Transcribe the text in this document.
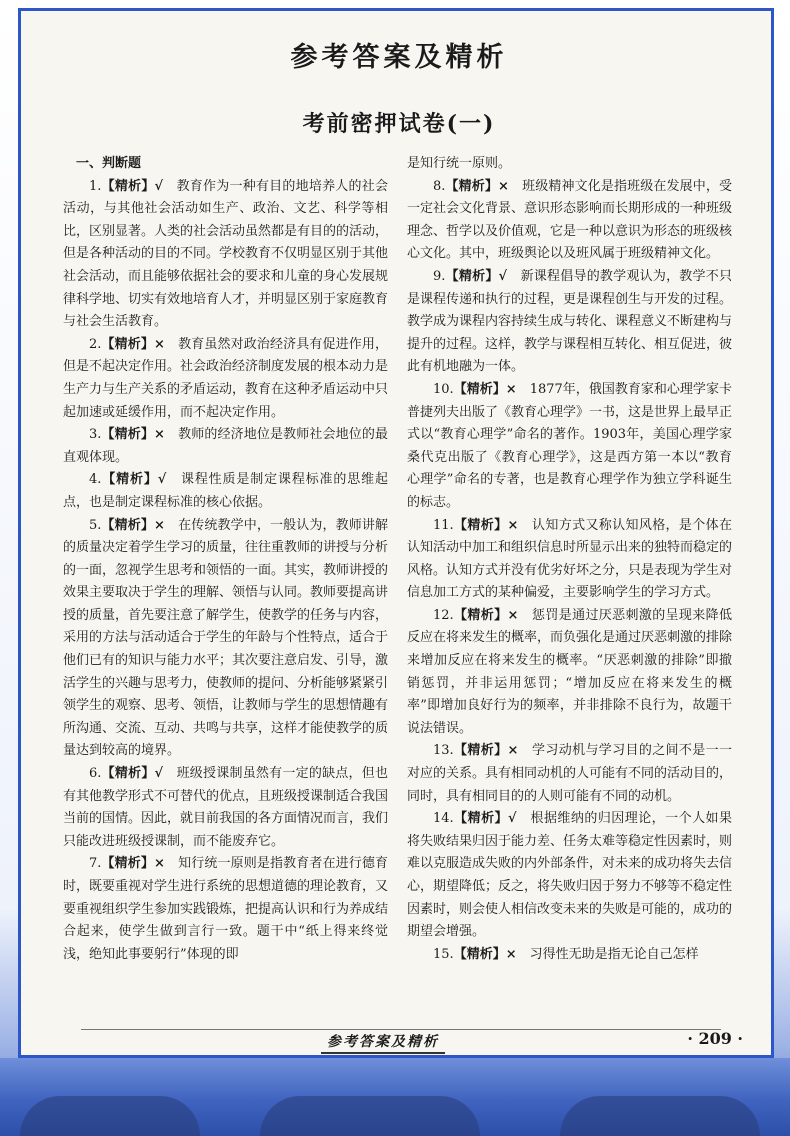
参考答案及精析
考前密押试卷(一)

一、判断题

1.【精析】√　 教育作为一种有目的地培养人的社会活动，与其他社会活动如生产、政治、文艺、科学等相比，区别显著。人类的社会活动虽然都是有目的的活动，但是各种活动的目的不同。学校教育不仅明显区别于其他社会活动，而且能够依据社会的要求和儿童的身心发展规律科学地、切实有效地培育人才，并明显区别于家庭教育与社会生活教育。

2.【精析】×　 教育虽然对政治经济具有促进作用，但是不起决定作用。社会政治经济制度发展的根本动力是生产力与生产关系的矛盾运动，教育在这种矛盾运动中只起加速或延缓作用，而不起决定作用。

3.【精析】×　 教师的经济地位是教师社会地位的最直观体现。

4.【精析】√　 课程性质是制定课程标准的思维起点，也是制定课程标准的核心依据。

5.【精析】×　 在传统教学中，一般认为，教师讲解的质量决定着学生学习的质量，往往重教师的讲授与分析的一面，忽视学生思考和领悟的一面。其实，教师讲授的效果主要取决于学生的理解、领悟与认同。教师要提高讲授的质量，首先要注意了解学生，使教学的任务与内容，采用的方法与活动适合于学生的年龄与个性特点，适合于他们已有的知识与能力水平；其次要注意启发、引导，激活学生的兴趣与思考力，使教师的提问、分析能够紧紧引领学生的观察、思考、领悟，让教师与学生的思想情趣有所沟通、交流、互动、共鸣与共享，这样才能使教学的质量达到较高的境界。

6.【精析】√　 班级授课制虽然有一定的缺点，但也有其他教学形式不可替代的优点，且班级授课制适合我国当前的国情。因此，就目前我国的各方面情况而言，我们只能改进班级授课制，而不能废弃它。

7.【精析】×　 知行统一原则是指教育者在进行德育时，既要重视对学生进行系统的思想道德的理论教育，又要重视组织学生参加实践锻炼，把提高认识和行为养成结合起来，使学生做到言行一致。题干中“纸上得来终觉浅，绝知此事要躬行”体现的即

是知行统一原则。

8.【精析】×　 班级精神文化是指班级在发展中，受一定社会文化背景、意识形态影响而长期形成的一种班级理念、哲学以及价值观，它是一种以意识为形态的班级核心文化。其中，班级舆论以及班风属于班级精神文化。

9.【精析】√　 新课程倡导的教学观认为，教学不只是课程传递和执行的过程，更是课程创生与开发的过程。教学成为课程内容持续生成与转化、课程意义不断建构与提升的过程。这样，教学与课程相互转化、相互促进，彼此有机地融为一体。

10.【精析】×　 1877年，俄国教育家和心理学家卡普捷列夫出版了《教育心理学》一书，这是世界上最早正式以“教育心理学”命名的著作。1903年，美国心理学家桑代克出版了《教育心理学》，这是西方第一本以“教育心理学”命名的专著，也是教育心理学作为独立学科诞生的标志。

11.【精析】×　 认知方式又称认知风格，是个体在认知活动中加工和组织信息时所显示出来的独特而稳定的风格。认知方式并没有优劣好坏之分，只是表现为学生对信息加工方式的某种偏爱，主要影响学生的学习方式。

12.【精析】×　 惩罚是通过厌恶刺激的呈现来降低反应在将来发生的概率，而负强化是通过厌恶刺激的排除来增加反应在将来发生的概率。“厌恶刺激的排除”即撤销惩罚，并非运用惩罚；“增加反应在将来发生的概率”即增加良好行为的频率，并非排除不良行为，故题干说法错误。

13.【精析】×　 学习动机与学习目的之间不是一一对应的关系。具有相同动机的人可能有不同的活动目的，同时，具有相同目的的人则可能有不同的动机。

14.【精析】√　 根据维纳的归因理论，一个人如果将失败结果归因于能力差、任务太难等稳定性因素时，则难以克服造成失败的内外部条件，对未来的成功将失去信心，期望降低；反之，将失败归因于努力不够等不稳定性因素时，则会使人相信改变未来的失败是可能的，成功的期望会增强。

15.【精析】×　 习得性无助是指无论自己怎样

参考答案及精析	· 209 ·
